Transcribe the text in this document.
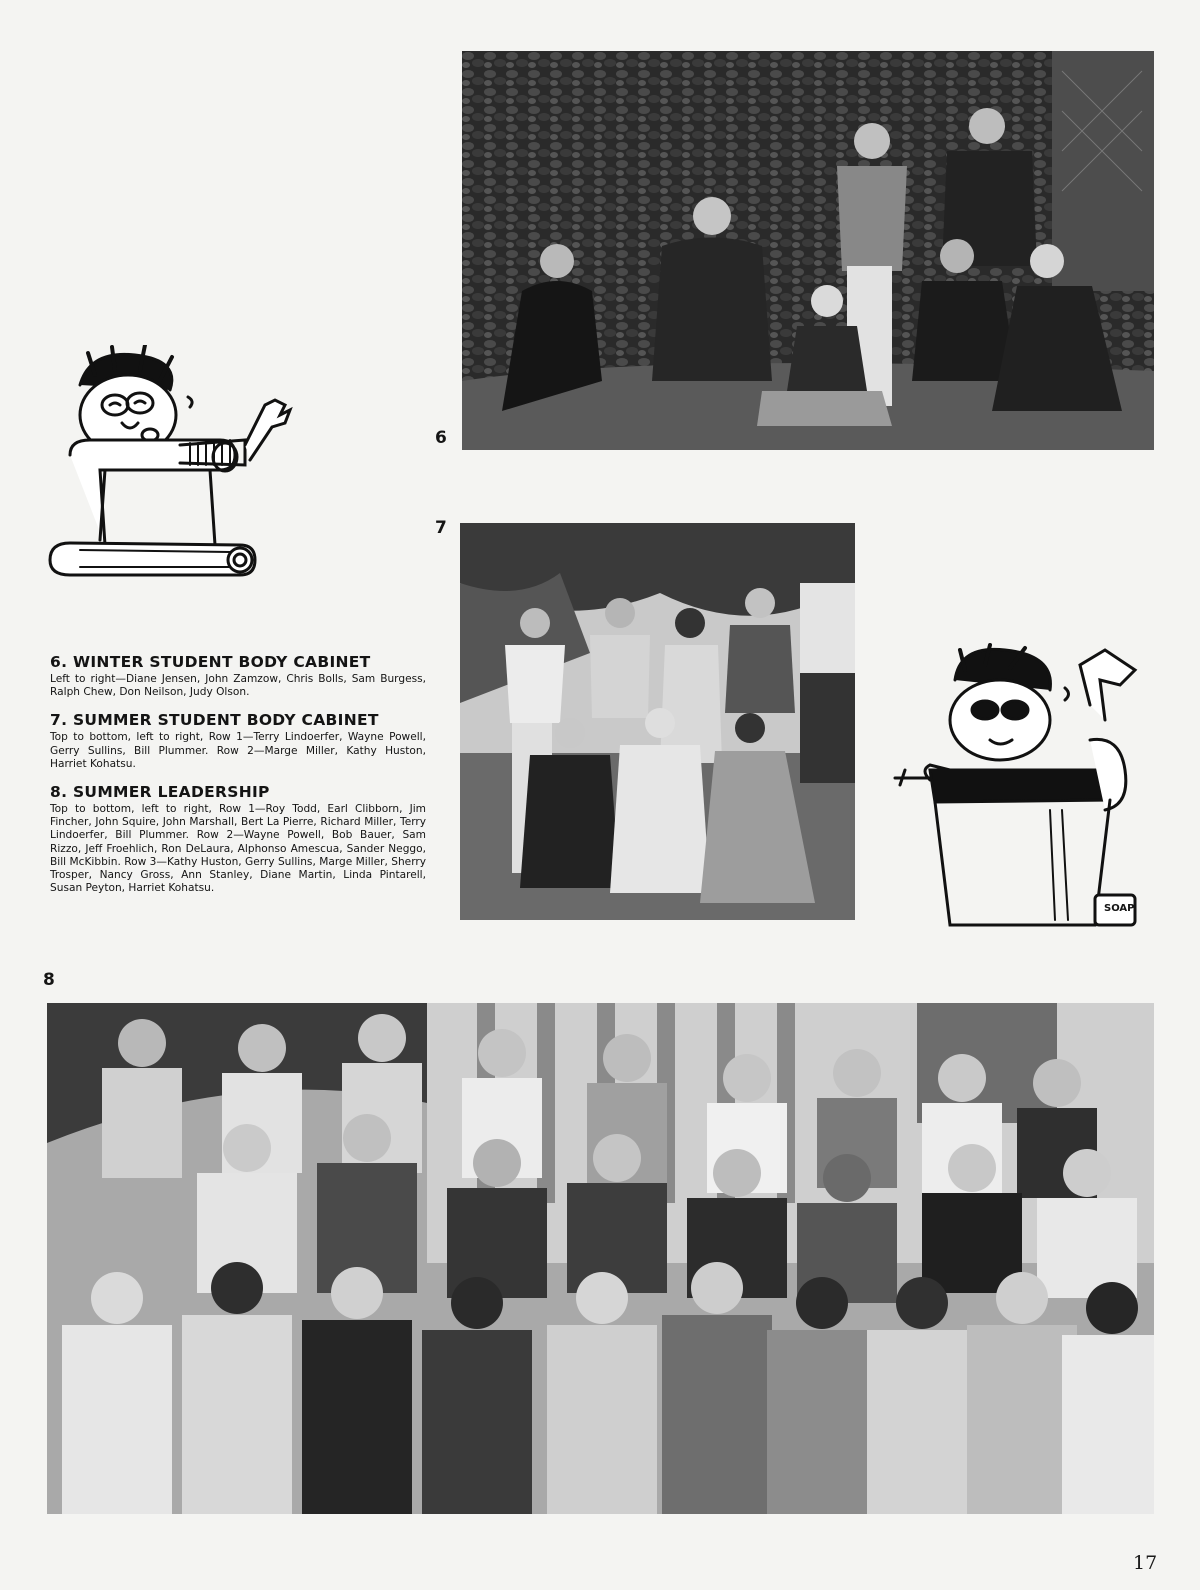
6
7

6. WINTER STUDENT BODY CABINET

Left to right—Diane Jensen, John Zamzow, Chris Bolls, Sam Burgess, Ralph Chew, Don Neilson, Judy Olson.

7. SUMMER STUDENT BODY CABINET

Top to bottom, left to right, Row 1—Terry Lindoerfer, Wayne Powell, Gerry Sullins, Bill Plummer. Row 2—Marge Miller, Kathy Huston, Harriet Kohatsu.

8. SUMMER LEADERSHIP

Top to bottom, left to right, Row 1—Roy Todd, Earl Clibborn, Jim Fincher, John Squire, John Marshall, Bert La Pierre, Richard Miller, Terry Lindoerfer, Bill Plummer. Row 2—Wayne Powell, Bob Bauer, Sam Rizzo, Jeff Froehlich, Ron DeLaura, Alphonso Amescua, Sander Neggo, Bill McKibbin. Row 3—Kathy Huston, Gerry Sullins, Marge Miller, Sherry Trosper, Nancy Gross, Ann Stanley, Diane Martin, Linda Pintarell, Susan Peyton, Harriet Kohatsu.

SOAP
8
17
